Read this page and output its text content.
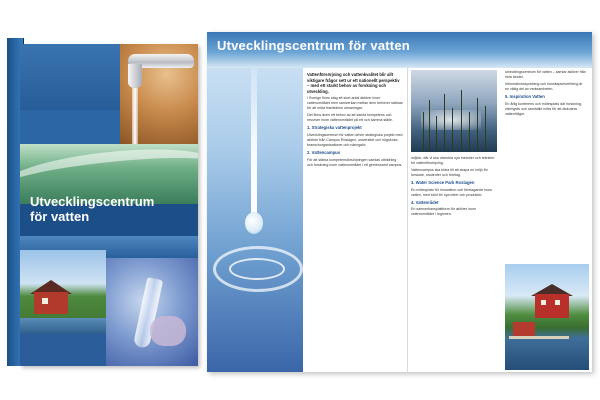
Utvecklingscentrum
för vatten
Utvecklingscentrum för vatten

Vattenförsörjning och vattenkvalitet blir allt viktigare frågor sett ur ett nationellt perspektiv – med ett starkt behov av forskning och utveckling.

I Sverige finns idag ett stort antal aktörer inom vattenområdet men samverkan mellan dem behöver stärkas för att möta framtidens utmaningar.

Det finns även ett behov av att samla kompetens och resurser inom vattenområdet på ett och samma ställe.

1. Strategiska vattenprojekt

Utvecklingscentrum för vatten driver strategiska projekt med aktörer från Campus Roslagen, universitet och högskolor, branschorganisationer och näringsliv.

2. Vattencampus

För att stärka kompetensförsörjningen samlas utbildning och forskning inom vattenområdet i ett gemensamt campus.

miljöer, där vi ska utveckla nya metoder och tekniker för vattenförsörjning.

Vattencampus ska bidra till att skapa en miljö för forskare, studenter och företag.

3. Water Science Park Roslagen

En mötesplats för innovation och företagande inom vatten, med stöd för nya idéer och produkter.

4. Vattenrådet

En samverkansplattform för aktörer inom vattenområdet i regionen.

utvecklingscentrum för vatten – samlar aktörer från hela landet.

Informationsspridning och kunskapsöverföring är en viktig del av verksamheten.

5. Inspiration Vatten

En årlig konferens och mötesplats där forskning, näringsliv och samhälle möts för att diskutera vattenfrågor.
